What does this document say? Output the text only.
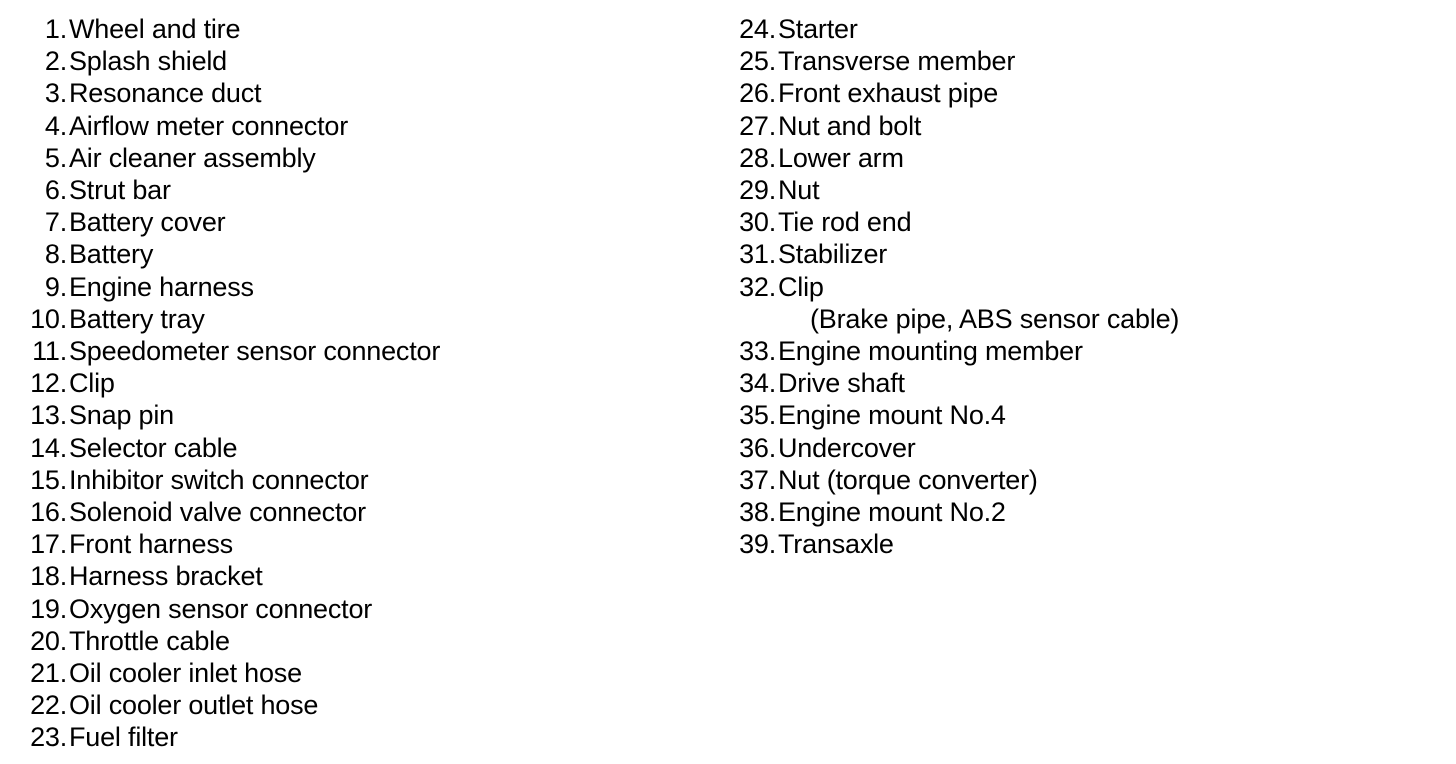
1. Wheel and tire
2. Splash shield
3. Resonance duct
4. Airflow meter connector
5. Air cleaner assembly
6. Strut bar
7. Battery cover
8. Battery
9. Engine harness
10. Battery tray
11. Speedometer sensor connector
12. Clip
13. Snap pin
14. Selector cable
15. Inhibitor switch connector
16. Solenoid valve connector
17. Front harness
18. Harness bracket
19. Oxygen sensor connector
20. Throttle cable
21. Oil cooler inlet hose
22. Oil cooler outlet hose
23. Fuel filter
24. Starter
25. Transverse member
26. Front exhaust pipe
27. Nut and bolt
28. Lower arm
29. Nut
30. Tie rod end
31. Stabilizer
32. Clip
(Brake pipe, ABS sensor cable)
33. Engine mounting member
34. Drive shaft
35. Engine mount No.4
36. Undercover
37. Nut (torque converter)
38. Engine mount No.2
39. Transaxle
